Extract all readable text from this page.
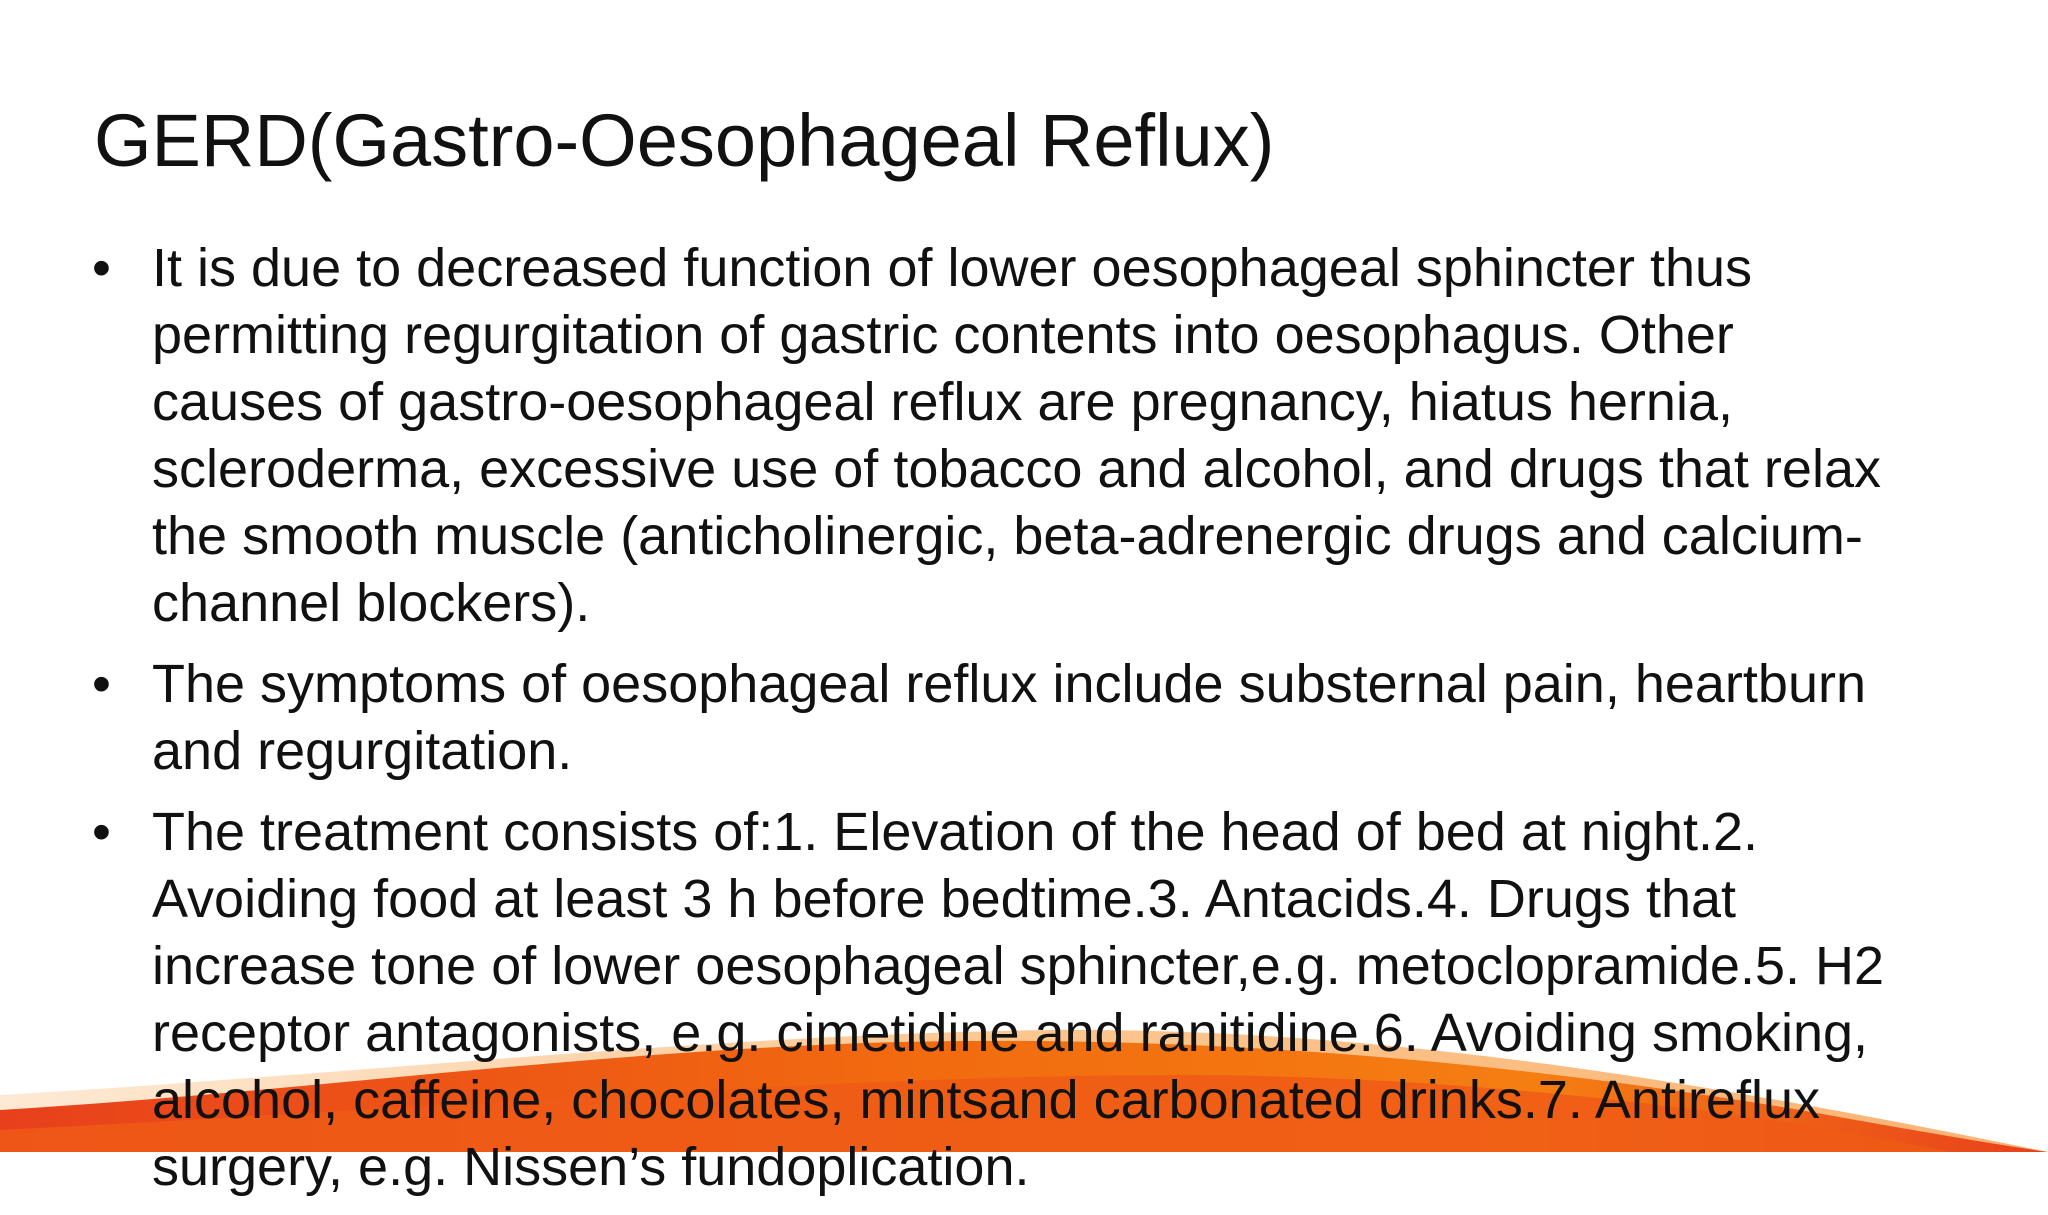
GERD(Gastro-Oesophageal Reflux)
• It is due to decreased function of lower oesophageal sphincter thus
permitting regurgitation of gastric contents into oesophagus. Other
causes of gastro-oesophageal reflux are pregnancy, hiatus hernia,
scleroderma, excessive use of tobacco and alcohol, and drugs that relax
the smooth muscle (anticholinergic, beta-adrenergic drugs and calcium-
channel blockers).
• The symptoms of oesophageal reflux include substernal pain, heartburn
and regurgitation.
• The treatment consists of:1. Elevation of the head of bed at night.2.
Avoiding food at least 3 h before bedtime.3. Antacids.4. Drugs that
increase tone of lower oesophageal sphincter,e.g. metoclopramide.5. H2
receptor antagonists, e.g. cimetidine and ranitidine.6. Avoiding smoking,
alcohol, caffeine, chocolates, mintsand carbonated drinks.7. Antireflux
surgery, e.g. Nissen’s fundoplication.
